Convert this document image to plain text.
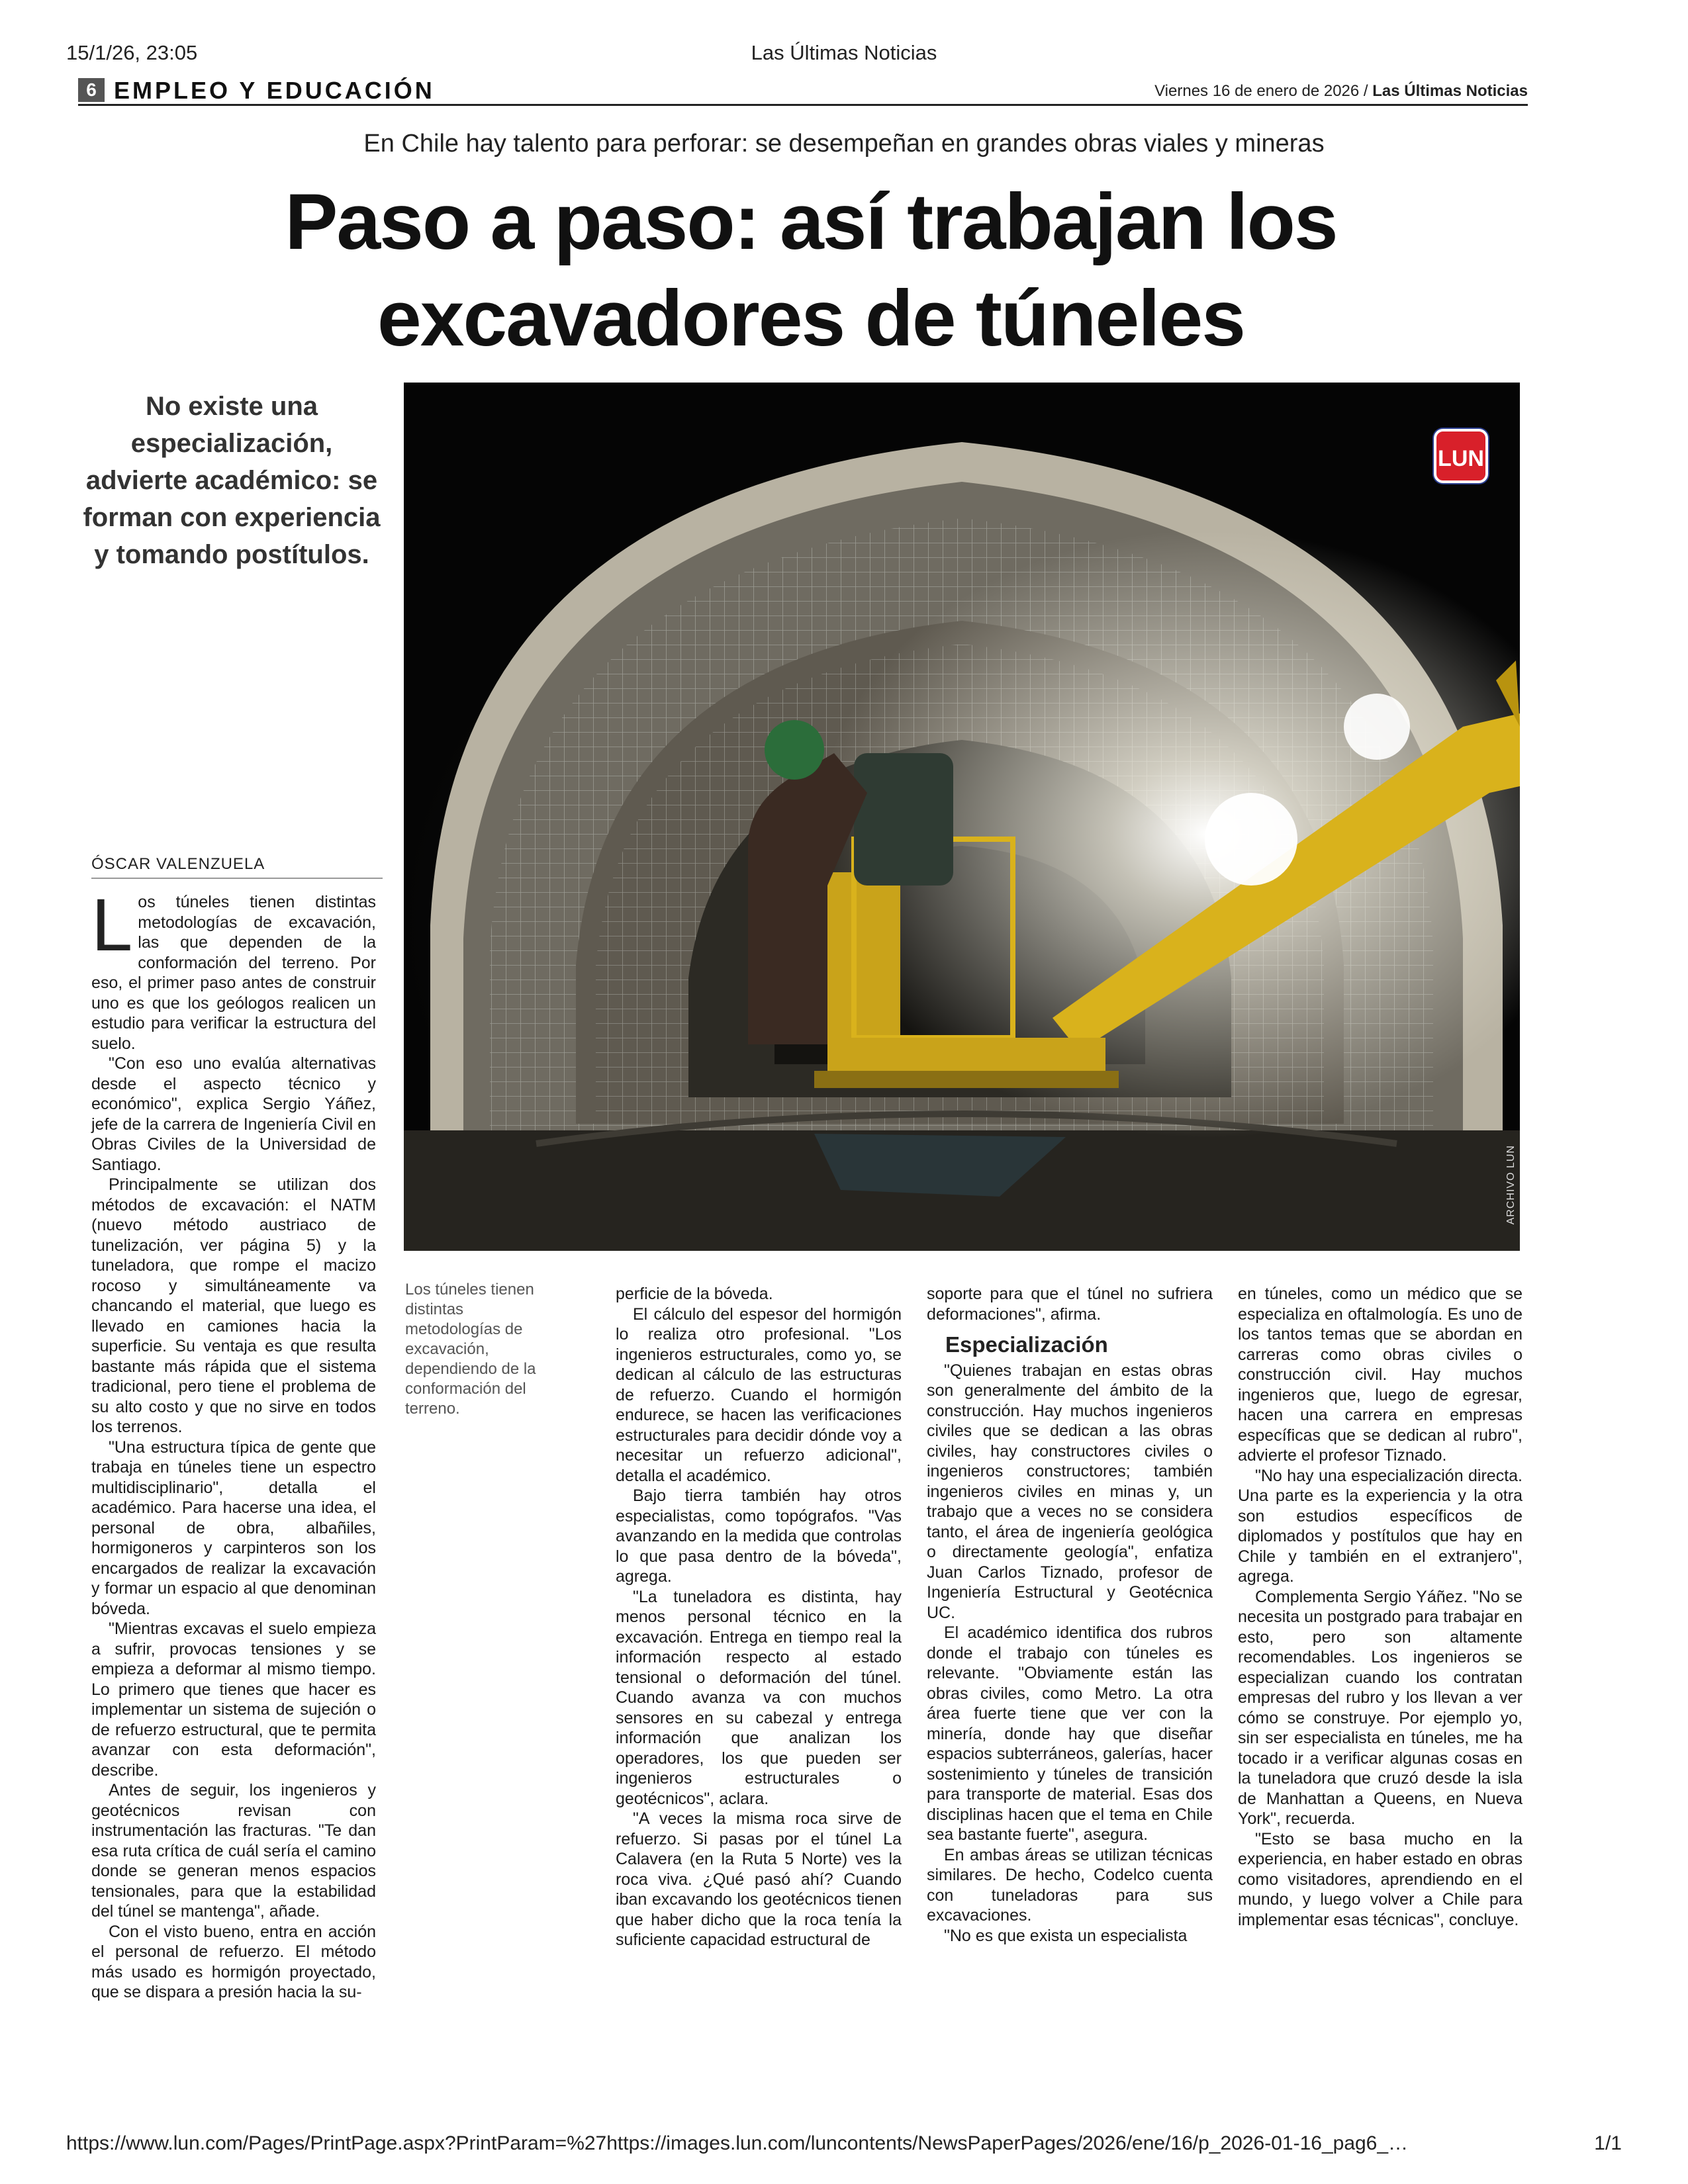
15/1/26, 23:05	Las Últimas Noticias
6 EMPLEO Y EDUCACIÓN	Viernes 16 de enero de 2026 / Las Últimas Noticias
En Chile hay talento para perforar: se desempeñan en grandes obras viales y mineras
Paso a paso: así trabajan los excavadores de túneles
No existe una especialización, advierte académico: se forman con experiencia y tomando postítulos.
LUN
ARCHIVO LUN
ÓSCAR VALENZUELA
L os túneles tienen distintas metodologías de excavación, las que dependen de la conformación del terreno. Por eso, el primer paso antes de construir uno es que los geólogos realicen un estudio para verificar la estructura del suelo.

"Con eso uno evalúa alternativas desde el aspecto técnico y económico", explica Sergio Yáñez, jefe de la carrera de Ingeniería Civil en Obras Civiles de la Universidad de Santiago.

Principalmente se utilizan dos métodos de excavación: el NATM (nuevo método austriaco de tunelización, ver página 5) y la tuneladora, que rompe el macizo rocoso y simultáneamente va chancando el material, que luego es llevado en camiones hacia la superficie. Su ventaja es que resulta bastante más rápida que el sistema tradicional, pero tiene el problema de su alto costo y que no sirve en todos los terrenos.

"Una estructura típica de gente que trabaja en túneles tiene un espectro multidisciplinario", detalla el académico. Para hacerse una idea, el personal de obra, albañiles, hormigoneros y carpinteros son los encargados de realizar la excavación y formar un espacio al que denominan bóveda.

"Mientras excavas el suelo empieza a sufrir, provocas tensiones y se empieza a deformar al mismo tiempo. Lo primero que tienes que hacer es implementar un sistema de sujeción o de refuerzo estructural, que te permita avanzar con esta deformación", describe.

Antes de seguir, los ingenieros y geotécnicos revisan con instrumentación las fracturas. "Te dan esa ruta crítica de cuál sería el camino donde se generan menos espacios tensionales, para que la estabilidad del túnel se mantenga", añade.

Con el visto bueno, entra en acción el personal de refuerzo. El método más usado es hormigón proyectado, que se dispara a presión hacia la su-

Los túneles tienen distintas metodologías de excavación, dependiendo de la conformación del terreno.

perficie de la bóveda.

El cálculo del espesor del hormigón lo realiza otro profesional. "Los ingenieros estructurales, como yo, se dedican al cálculo de las estructuras de refuerzo. Cuando el hormigón endurece, se hacen las verificaciones estructurales para decidir dónde voy a necesitar un refuerzo adicional", detalla el académico.

Bajo tierra también hay otros especialistas, como topógrafos. "Vas avanzando en la medida que controlas lo que pasa dentro de la bóveda", agrega.

"La tuneladora es distinta, hay menos personal técnico en la excavación. Entrega en tiempo real la información respecto al estado tensional o deformación del túnel. Cuando avanza va con muchos sensores en su cabezal y entrega información que analizan los operadores, los que pueden ser ingenieros estructurales o geotécnicos", aclara.

"A veces la misma roca sirve de refuerzo. Si pasas por el túnel La Calavera (en la Ruta 5 Norte) ves la roca viva. ¿Qué pasó ahí? Cuando iban excavando los geotécnicos tienen que haber dicho que la roca tenía la suficiente capacidad estructural de

soporte para que el túnel no sufriera deformaciones", afirma.

Especialización

"Quienes trabajan en estas obras son generalmente del ámbito de la construcción. Hay muchos ingenieros civiles que se dedican a las obras civiles, hay constructores civiles o ingenieros constructores; también ingenieros civiles en minas y, un trabajo que a veces no se considera tanto, el área de ingeniería geológica o directamente geología", enfatiza Juan Carlos Tiznado, profesor de Ingeniería Estructural y Geotécnica UC.

El académico identifica dos rubros donde el trabajo con túneles es relevante. "Obviamente están las obras civiles, como Metro. La otra área fuerte tiene que ver con la minería, donde hay que diseñar espacios subterráneos, galerías, hacer sostenimiento y túneles de transición para transporte de material. Esas dos disciplinas hacen que el tema en Chile sea bastante fuerte", asegura.

En ambas áreas se utilizan técnicas similares. De hecho, Codelco cuenta con tuneladoras para sus excavaciones.

"No es que exista un especialista

en túneles, como un médico que se especializa en oftalmología. Es uno de los tantos temas que se abordan en carreras como obras civiles o construcción civil. Hay muchos ingenieros que, luego de egresar, hacen una carrera en empresas específicas que se dedican al rubro", advierte el profesor Tiznado.

"No hay una especialización directa. Una parte es la experiencia y la otra son estudios específicos de diplomados y postítulos que hay en Chile y también en el extranjero", agrega.

Complementa Sergio Yáñez. "No se necesita un postgrado para trabajar en esto, pero son altamente recomendables. Los ingenieros se especializan cuando los contratan empresas del rubro y los llevan a ver cómo se construye. Por ejemplo yo, sin ser especialista en túneles, me ha tocado ir a verificar algunas cosas en la tuneladora que cruzó desde la isla de Manhattan a Queens, en Nueva York", recuerda.

"Esto se basa mucho en la experiencia, en haber estado en obras como visitadores, aprendiendo en el mundo, y luego volver a Chile para implementar esas técnicas", concluye.

https://www.lun.com/Pages/PrintPage.aspx?PrintParam=%27https://images.lun.com/luncontents/NewsPaperPages/2026/ene/16/p_2026-01-16_pag6_…	1/1
